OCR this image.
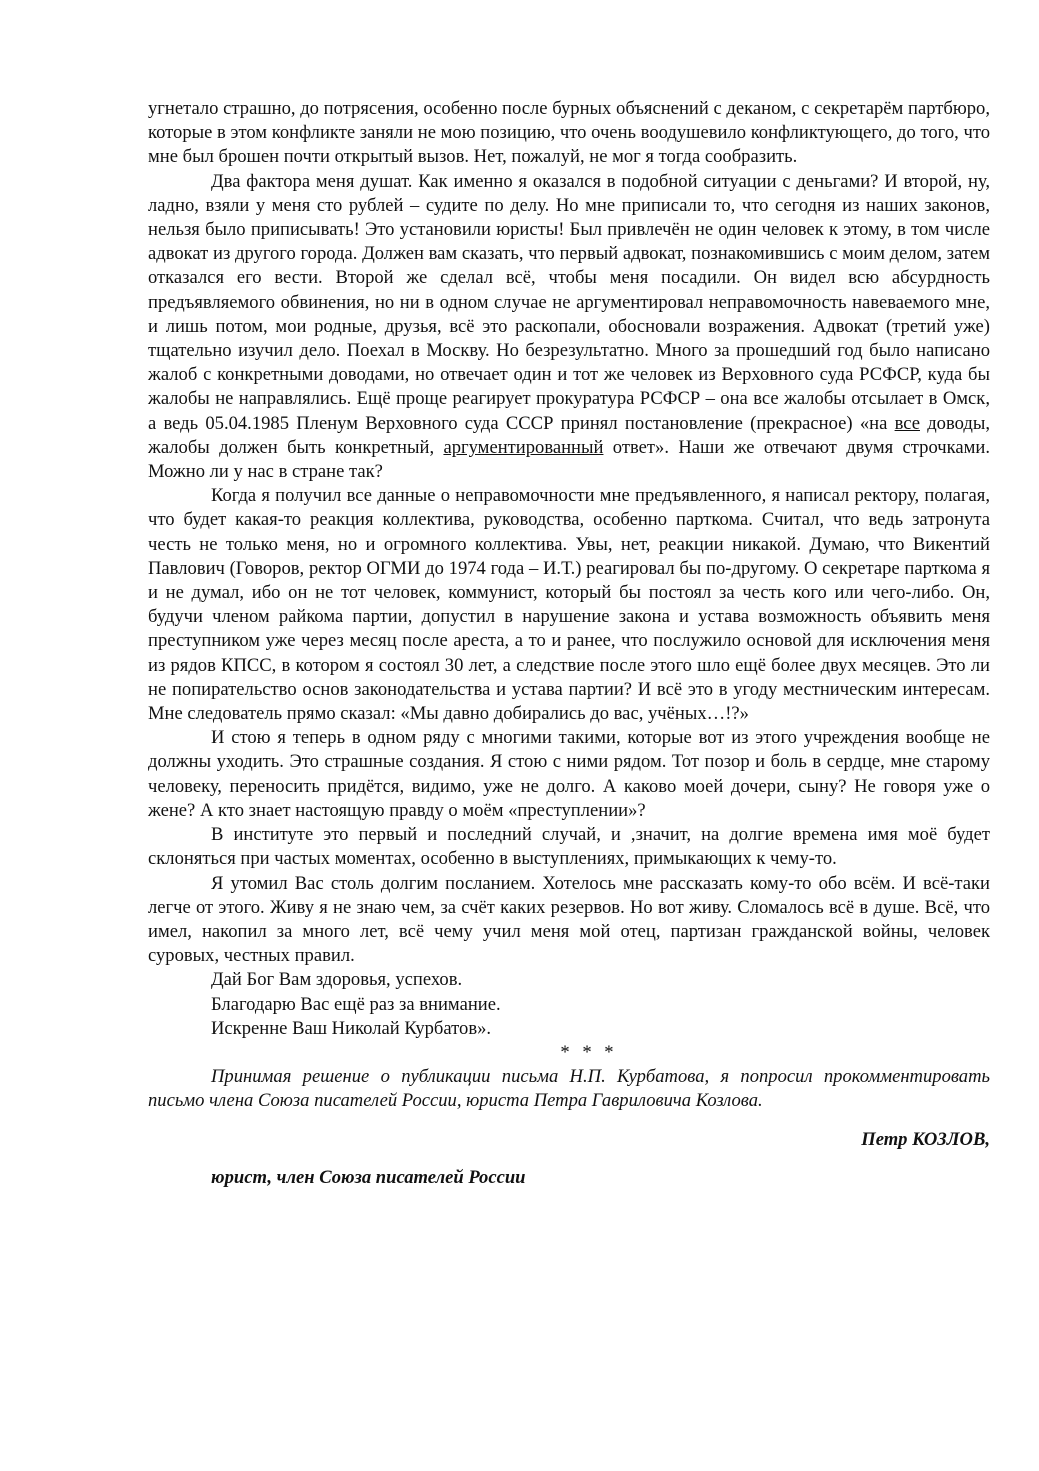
угнетало страшно, до потрясения, особенно после бурных объяснений с деканом, с секретарём партбюро, которые в этом конфликте заняли не мою позицию, что очень воодушевило конфликтующего, до того, что мне был брошен почти открытый вызов. Нет, пожалуй, не мог я тогда сообразить.

Два фактора меня душат. Как именно я оказался в подобной ситуации с деньгами? И второй, ну, ладно, взяли у меня сто рублей – судите по делу. Но мне приписали то, что сегодня из наших законов, нельзя было приписывать! Это установили юристы! Был привлечён не один человек к этому, в том числе адвокат из другого города. Должен вам сказать, что первый адвокат, познакомившись с моим делом, затем отказался его вести. Второй же сделал всё, чтобы меня посадили. Он видел всю абсурдность предъявляемого обвинения, но ни в одном случае не аргументировал неправомочность навеваемого мне, и лишь потом, мои родные, друзья, всё это раскопали, обосновали возражения. Адвокат (третий уже) тщательно изучил дело. Поехал в Москву. Но безрезультатно. Много за прошедший год было написано жалоб с конкретными доводами, но отвечает один и тот же человек из Верховного суда РСФСР, куда бы жалобы не направлялись. Ещё проще реагирует прокуратура РСФСР – она все жалобы отсылает в Омск, а ведь 05.04.1985 Пленум Верховного суда СССР принял постановление (прекрасное) «на все доводы, жалобы должен быть конкретный, аргументированный ответ». Наши же отвечают двумя строчками. Можно ли у нас в стране так?

Когда я получил все данные о неправомочности мне предъявленного, я написал ректору, полагая, что будет какая-то реакция коллектива, руководства, особенно парткома. Считал, что ведь затронута честь не только меня, но и огромного коллектива. Увы, нет, реакции никакой. Думаю, что Викентий Павлович (Говоров, ректор ОГМИ до 1974 года – И.Т.) реагировал бы по-другому. О секретаре парткома я и не думал, ибо он не тот человек, коммунист, который бы постоял за честь кого или чего-либо. Он, будучи членом райкома партии, допустил в нарушение закона и устава возможность объявить меня преступником уже через месяц после ареста, а то и ранее, что послужило основой для исключения меня из рядов КПСС, в котором я состоял 30 лет, а следствие после этого шло ещё более двух месяцев. Это ли не попирательство основ законодательства и устава партии? И всё это в угоду местническим интересам. Мне следователь прямо сказал: «Мы давно добирались до вас, учёных…!?»

И стою я теперь в одном ряду с многими такими, которые вот из этого учреждения вообще не должны уходить. Это страшные создания. Я стою с ними рядом. Тот позор и боль в сердце, мне старому человеку, переносить придётся, видимо, уже не долго. А каково моей дочери, сыну? Не говоря уже о жене? А кто знает настоящую правду о моём «преступлении»?

В институте это первый и последний случай, и ,значит, на долгие времена имя моё будет склоняться при частых моментах, особенно в выступлениях, примыкающих к чему-то.

Я утомил Вас столь долгим посланием. Хотелось мне рассказать кому-то обо всём. И всё-таки легче от этого. Живу я не знаю чем, за счёт каких резервов. Но вот живу. Сломалось всё в душе. Всё, что имел, накопил за много лет, всё чему учил меня мой отец, партизан гражданской войны, человек суровых, честных правил.

Дай Бог Вам здоровья, успехов.

Благодарю Вас ещё раз за внимание.

Искренне Ваш Николай Курбатов».

* * *

Принимая решение о публикации письма Н.П. Курбатова, я попросил прокомментировать письмо члена Союза писателей России, юриста Петра Гавриловича Козлова.

Петр КОЗЛОВ,

юрист, член Союза писателей России
